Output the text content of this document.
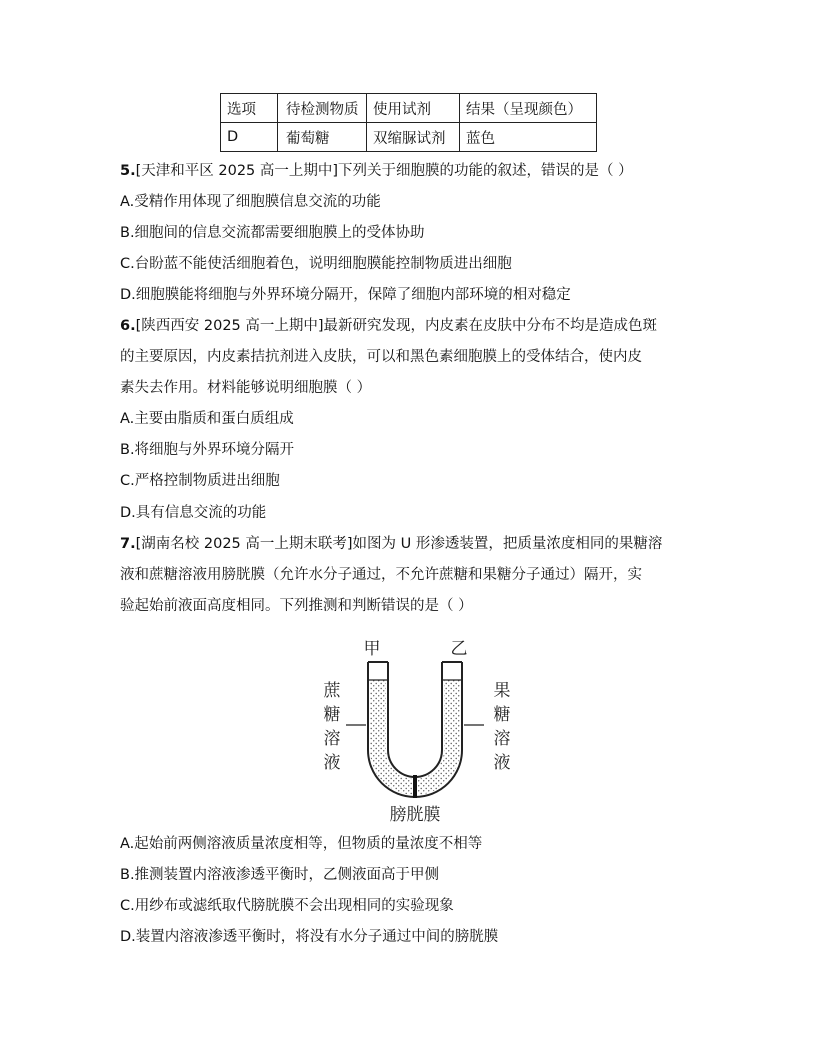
选项	待检测物质	使用试剂	结果（呈现颜色）
D	葡萄糖	双缩脲试剂	蓝色
5.[天津和平区 2025 高一上期中]下列关于细胞膜的功能的叙述，错误的是（ ）
A.受精作用体现了细胞膜信息交流的功能
B.细胞间的信息交流都需要细胞膜上的受体协助
C.台盼蓝不能使活细胞着色，说明细胞膜能控制物质进出细胞
D.细胞膜能将细胞与外界环境分隔开，保障了细胞内部环境的相对稳定
6.[陕西西安 2025 高一上期中]最新研究发现，内皮素在皮肤中分布不均是造成色斑
的主要原因，内皮素拮抗剂进入皮肤，可以和黑色素细胞膜上的受体结合，使内皮
素失去作用。材料能够说明细胞膜（ ）
A.主要由脂质和蛋白质组成
B.将细胞与外界环境分隔开
C.严格控制物质进出细胞
D.具有信息交流的功能
7.[湖南名校 2025 高一上期末联考]如图为 U 形渗透装置，把质量浓度相同的果糖溶
液和蔗糖溶液用膀胱膜（允许水分子通过，不允许蔗糖和果糖分子通过）隔开，实
验起始前液面高度相同。下列推测和判断错误的是（ ）
甲	乙
蔗
糖
溶
液
果
糖
溶
液
膀胱膜
A.起始前两侧溶液质量浓度相等，但物质的量浓度不相等
B.推测装置内溶液渗透平衡时，乙侧液面高于甲侧
C.用纱布或滤纸取代膀胱膜不会出现相同的实验现象
D.装置内溶液渗透平衡时，将没有水分子通过中间的膀胱膜
